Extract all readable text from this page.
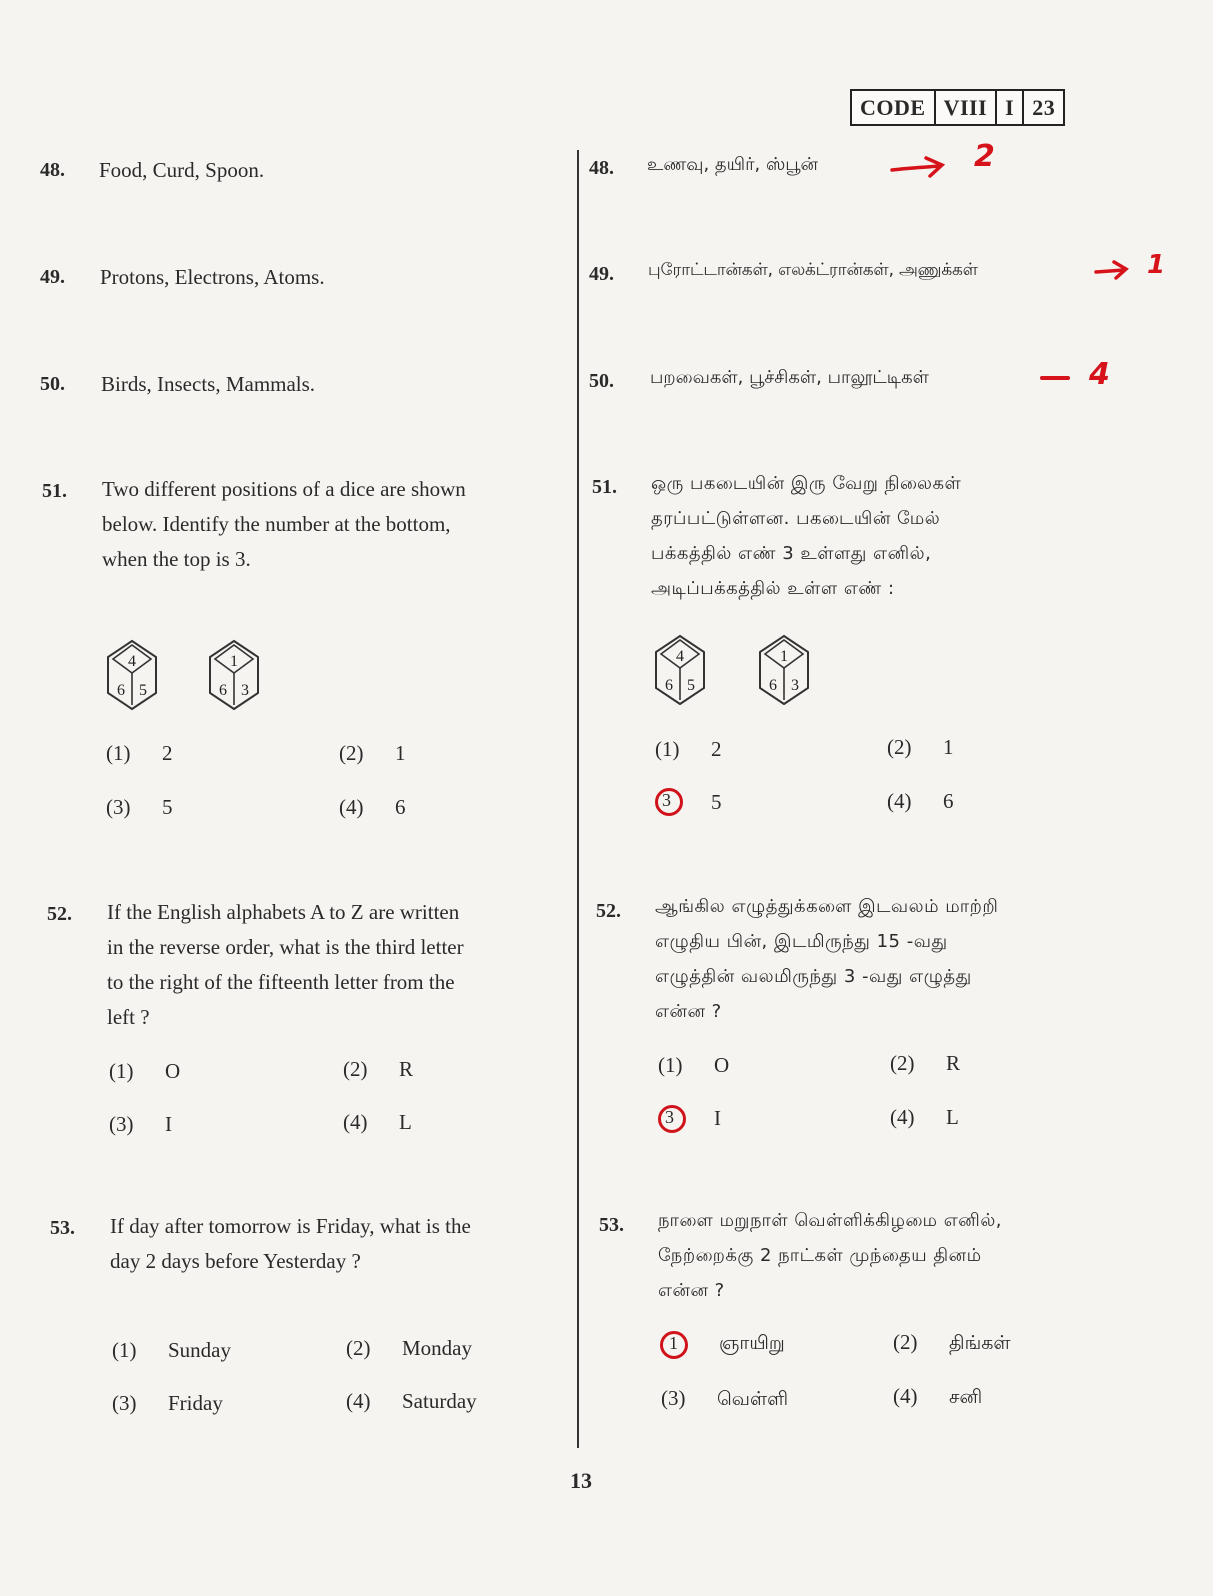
CODE VIII I 23
48. Food, Curd, Spoon.
49. Protons, Electrons, Atoms.
50. Birds, Insects, Mammals.
51. Two different positions of a dice are shown
below. Identify the number at the bottom,
when the top is 3.
4
6 5
1
6 3
(1) 2	(2) 1
(3) 5	(4) 6
52. If the English alphabets A to Z are written
in the reverse order, what is the third letter
to the right of the fifteenth letter from the
left ?
(1) O	(2) R
(3) I	(4) L
53. If day after tomorrow is Friday, what is the
day 2 days before Yesterday ?
(1) Sunday	(2) Monday
(3) Friday	(4) Saturday
48. உணவு, தயிர், ஸ்பூன்	2
49. புரோட்டான்கள், எலக்ட்ரான்கள், அணுக்கள்	1
50. பறவைகள், பூச்சிகள், பாலூட்டிகள்	4
51. ஒரு பகடையின் இரு வேறு நிலைகள்
தரப்பட்டுள்ளன. பகடையின் மேல்
பக்கத்தில் எண் 3 உள்ளது எனில்,
அடிப்பக்கத்தில் உள்ள எண் :
4
6 5
1
6 3
(1) 2	(2) 1
3 5	(4) 6
52. ஆங்கில எழுத்துக்களை இடவலம் மாற்றி
எழுதிய பின், இடமிருந்து 15 -வது
எழுத்தின் வலமிருந்து 3 -வது எழுத்து
என்ன ?
(1) O	(2) R
3 I	(4) L
53. நாளை மறுநாள் வெள்ளிக்கிழமை எனில்,
நேற்றைக்கு 2 நாட்கள் முந்தைய தினம்
என்ன ?
1 ஞாயிறு	(2) திங்கள்
(3) வெள்ளி	(4) சனி
13
